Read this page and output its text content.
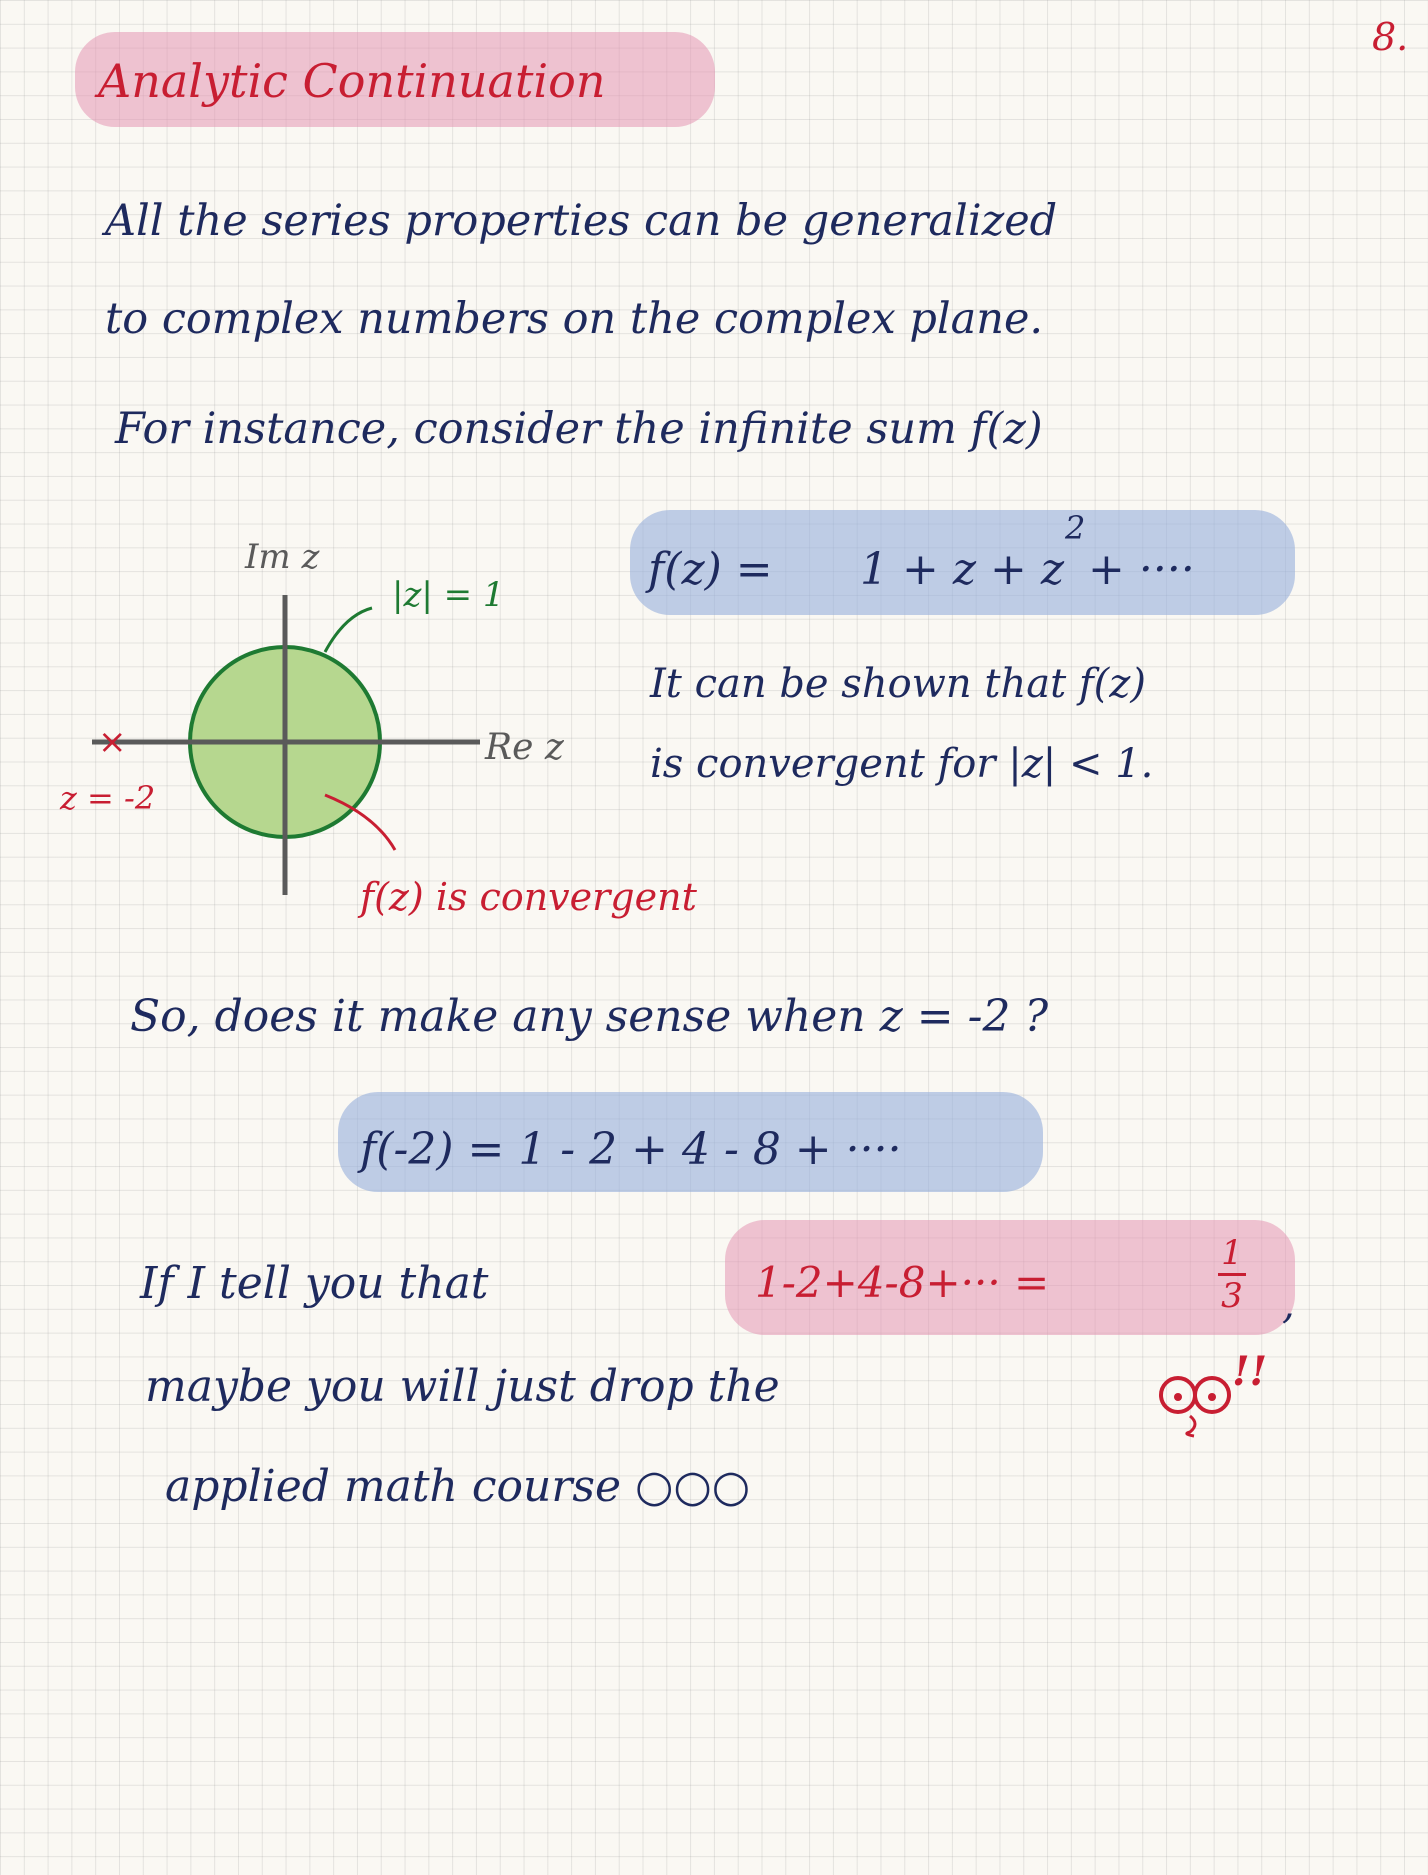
8.
Analytic Continuation
All the series properties can be generalized
to complex numbers on the complex plane.
For instance, consider the infinite sum f(z)
Im z
Re z
|z| = 1
×
z = -2
f(z) is convergent
f(z) = 1 + z + z
2
+ ····
It can be shown that f(z)
is convergent for |z| < 1.
So, does it make any sense when z = -2 ?
f(-2) = 1 - 2 + 4 - 8 + ····
If I tell you that	1-2+4-8+··· =
1
3 ,
maybe you will just drop the
applied math course ○○○
!!
